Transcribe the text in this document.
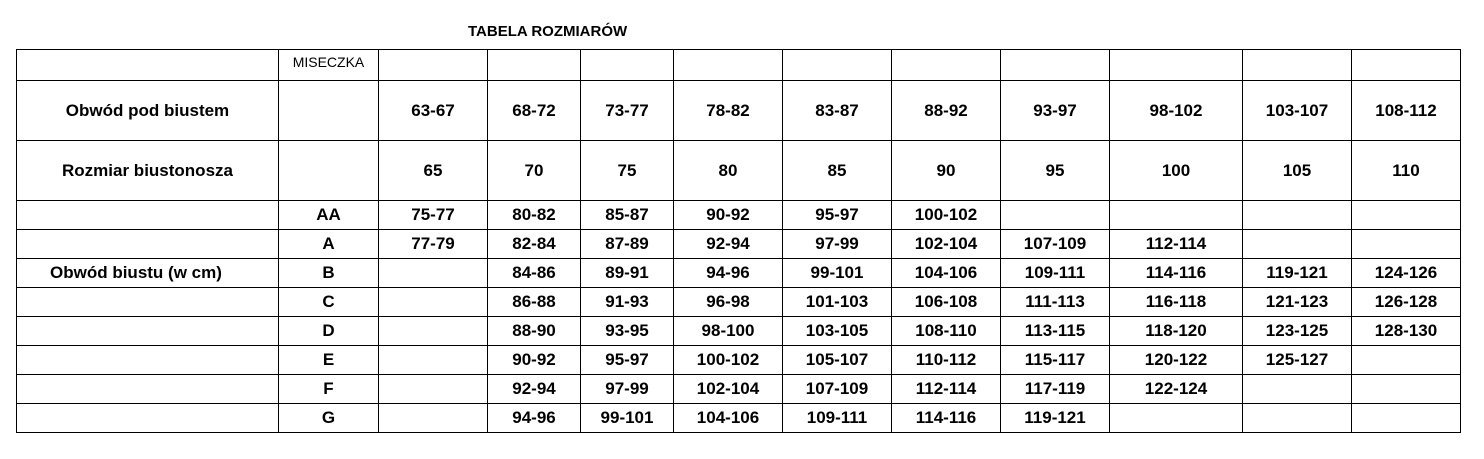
TABELA ROZMIARÓW
	MISECZKA										
Obwód pod biustem		63-67	68-72	73-77	78-82	83-87	88-92	93-97	98-102	103-107	108-112
Rozmiar biustonosza		65	70	75	80	85	90	95	100	105	110
	AA	75-77	80-82	85-87	90-92	95-97	100-102				
	A	77-79	82-84	87-89	92-94	97-99	102-104	107-109	112-114		
Obwód biustu (w cm)	B		84-86	89-91	94-96	99-101	104-106	109-111	114-116	119-121	124-126
	C		86-88	91-93	96-98	101-103	106-108	111-113	116-118	121-123	126-128
	D		88-90	93-95	98-100	103-105	108-110	113-115	118-120	123-125	128-130
	E		90-92	95-97	100-102	105-107	110-112	115-117	120-122	125-127	
	F		92-94	97-99	102-104	107-109	112-114	117-119	122-124		
	G		94-96	99-101	104-106	109-111	114-116	119-121			
